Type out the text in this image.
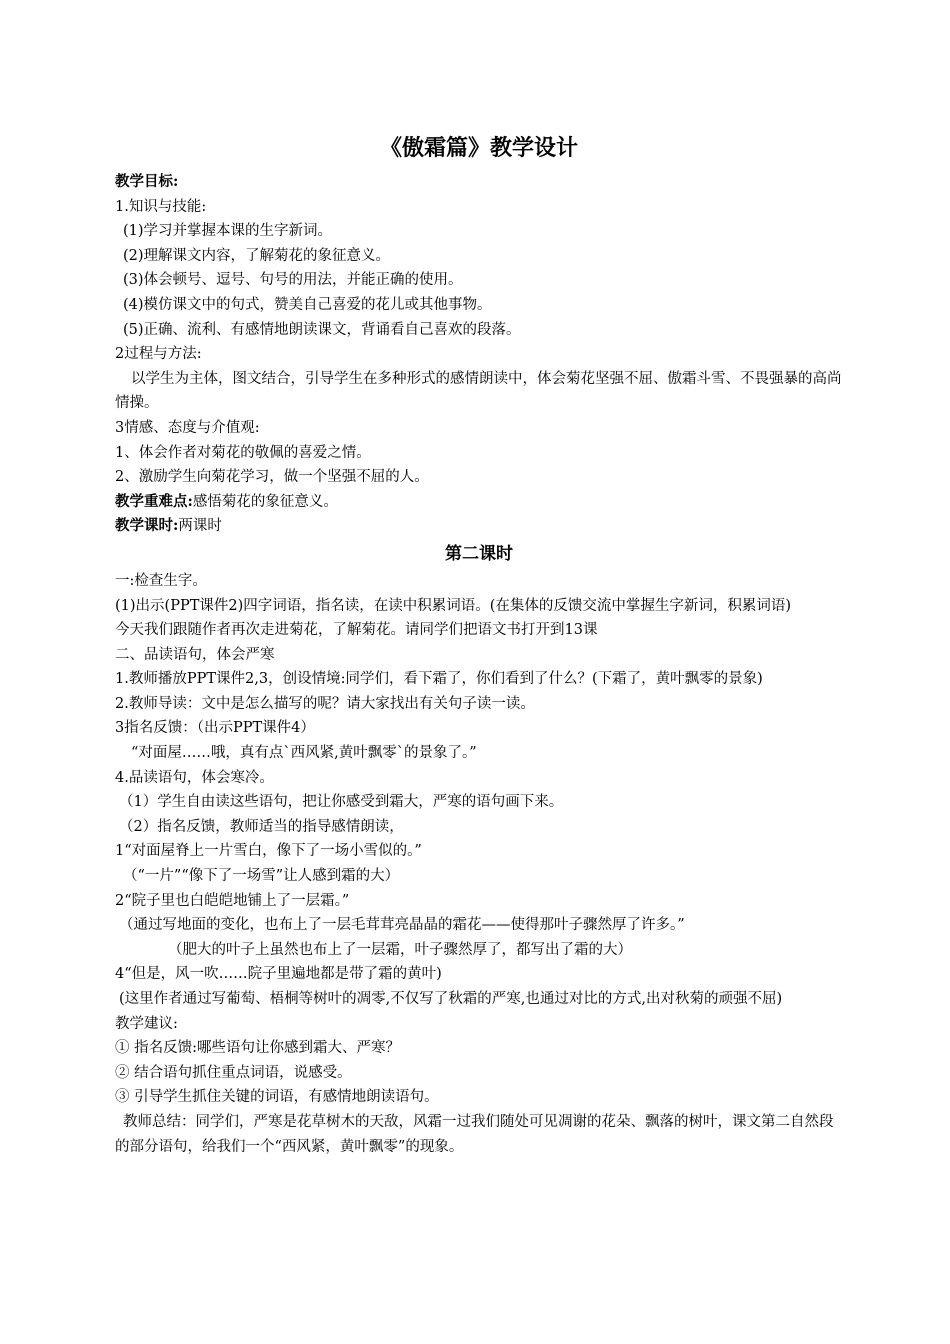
《傲霜篇》教学设计

教学目标:

1.知识与技能:

(1)学习并掌握本课的生字新词。

(2)理解课文内容，了解菊花的象征意义。

(3)体会顿号、逗号、句号的用法，并能正确的使用。

(4)模仿课文中的句式，赞美自己喜爱的花儿或其他事物。

(5)正确、流利、有感情地朗读课文，背诵看自己喜欢的段落。

2过程与方法:

以学生为主体，图文结合，引导学生在多种形式的感情朗读中，体会菊花坚强不屈、傲霜斗雪、不畏强暴的高尚情操。

3情感、态度与介值观:

1、体会作者对菊花的敬佩的喜爱之情。

2、激励学生向菊花学习，做一个坚强不屈的人。

教学重难点:感悟菊花的象征意义。

教学课时:两课时

第二课时

一:检查生字。

(1)出示(PPT课件2)四字词语，指名读，在读中积累词语。(在集体的反馈交流中掌握生字新词，积累词语)

今天我们跟随作者再次走进菊花，了解菊花。请同学们把语文书打开到13课

二、品读语句，体会严寒

1.教师播放PPT课件2,3，创设情境:同学们，看下霜了，你们看到了什么？(下霜了，黄叶飘零的景象)

2.教师导读：文中是怎么描写的呢？请大家找出有关句子读一读。

3指名反馈：（出示PPT课件4）

“对面屋……哦，真有点`西风紧,黄叶飘零`的景象了。”

4.品读语句，体会寒冷。

（1）学生自由读这些语句，把让你感受到霜大，严寒的语句画下来。

（2）指名反馈，教师适当的指导感情朗读，

1“对面屋脊上一片雪白，像下了一场小雪似的。”

（“一片”“像下了一场雪”让人感到霜的大）

2“院子里也白皑皑地铺上了一层霜。”

（通过写地面的变化，也布上了一层毛茸茸亮晶晶的霜花——使得那叶子骤然厚了许多。”

（肥大的叶子上虽然也布上了一层霜，叶子骤然厚了，都写出了霜的大）

4“但是，风一吹……院子里遍地都是带了霜的黄叶)

(这里作者通过写葡萄、梧桐等树叶的凋零,不仅写了秋霜的严寒,也通过对比的方式,出对秋菊的顽强不屈)

教学建议:

① 指名反馈:哪些语句让你感到霜大、严寒？

② 结合语句抓住重点词语，说感受。

③ 引导学生抓住关键的词语，有感情地朗读语句。

教师总结：同学们，严寒是花草树木的天敌，风霜一过我们随处可见凋谢的花朵、飘落的树叶，课文第二自然段的部分语句，给我们一个“西风紧，黄叶飘零”的现象。
